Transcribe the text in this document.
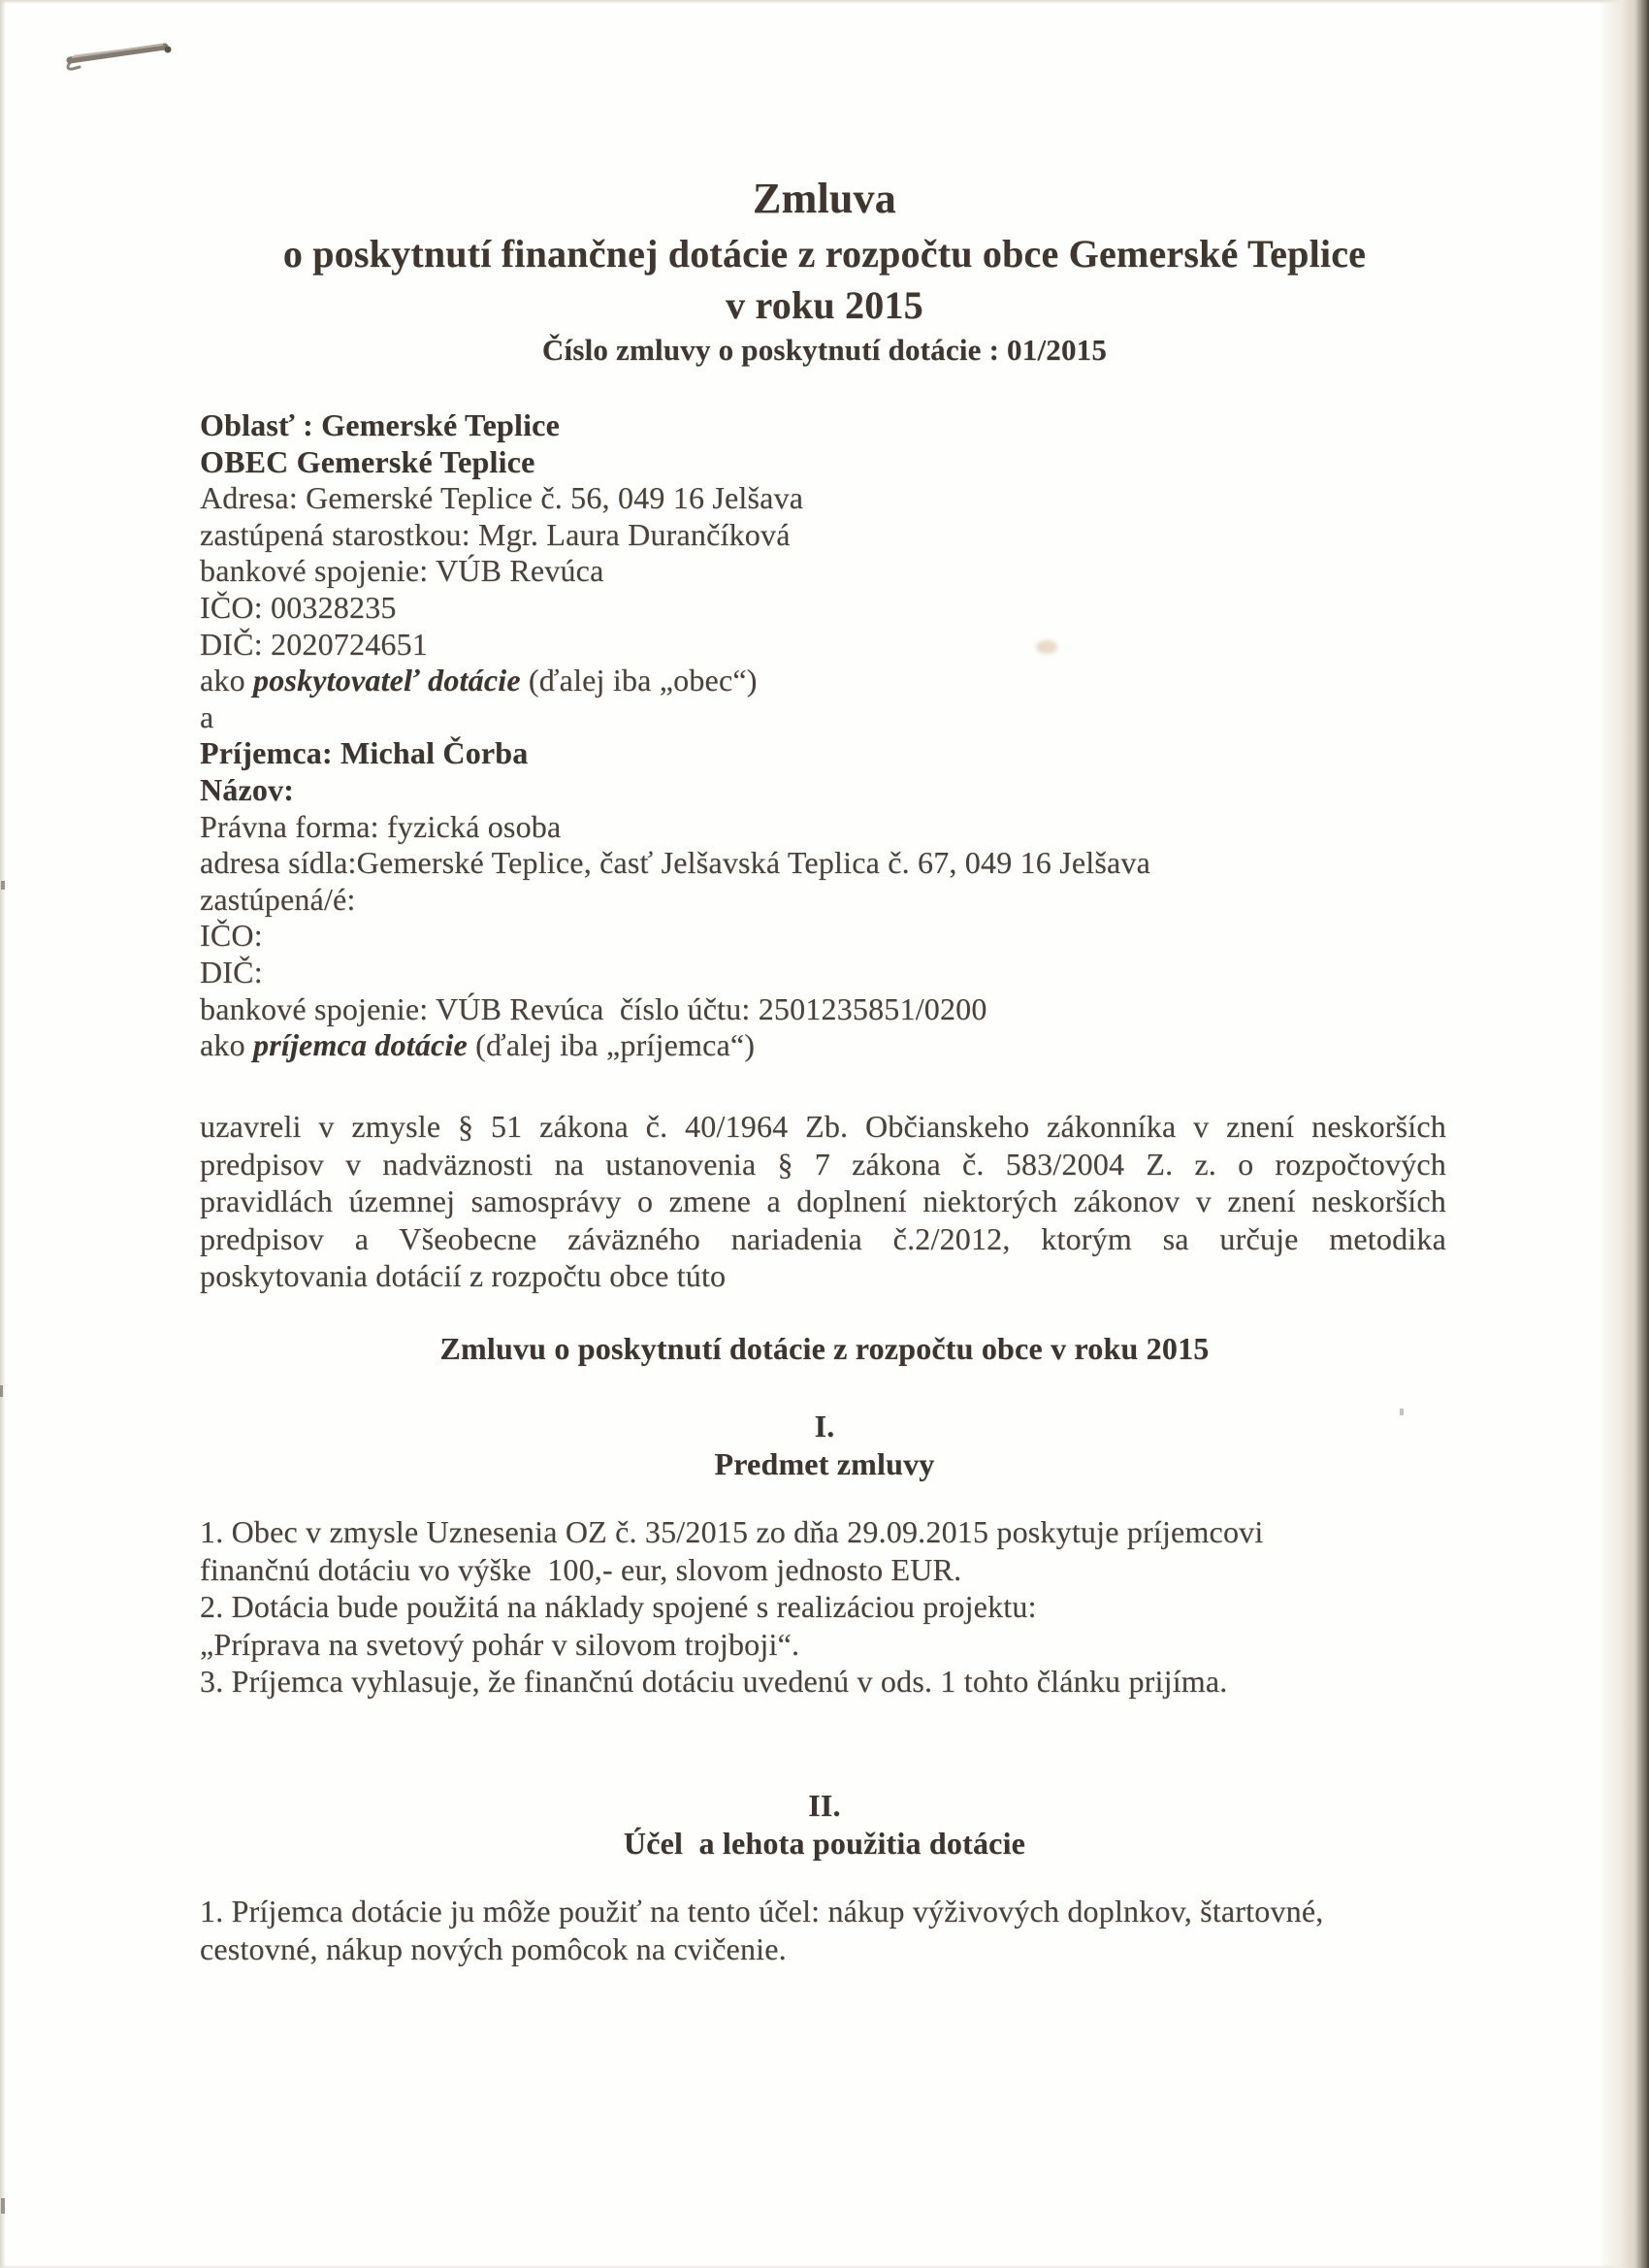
Zmluva
o poskytnutí finančnej dotácie z rozpočtu obce Gemerské Teplice
v roku 2015
Číslo zmluvy o poskytnutí dotácie : 01/2015
Oblasť : Gemerské Teplice
OBEC Gemerské Teplice
Adresa: Gemerské Teplice č. 56, 049 16 Jelšava
zastúpená starostkou: Mgr. Laura Durančíková
bankové spojenie: VÚB Revúca
IČO: 00328235
DIČ: 2020724651
ako poskytovateľ dotácie (ďalej iba „obec“)
a
Príjemca: Michal Čorba
Názov:
Právna forma: fyzická osoba
adresa sídla:Gemerské Teplice, časť Jelšavská Teplica č. 67, 049 16 Jelšava
zastúpená/é:
IČO:
DIČ:
bankové spojenie: VÚB Revúca  číslo účtu: 2501235851/0200
ako príjemca dotácie (ďalej iba „príjemca“)
uzavreli v zmysle § 51 zákona č. 40/1964 Zb. Občianskeho zákonníka v znení neskorších
predpisov v nadväznosti na ustanovenia § 7 zákona č. 583/2004 Z. z. o rozpočtových
pravidlách územnej samosprávy o zmene a doplnení niektorých zákonov v znení neskorších
predpisov a Všeobecne záväzného nariadenia č.2/2012, ktorým sa určuje metodika
poskytovania dotácií z rozpočtu obce túto
Zmluvu o poskytnutí dotácie z rozpočtu obce v roku 2015
I.
Predmet zmluvy
1. Obec v zmysle Uznesenia OZ č. 35/2015 zo dňa 29.09.2015 poskytuje príjemcovi
finančnú dotáciu vo výške  100,- eur, slovom jednosto EUR.
2. Dotácia bude použitá na náklady spojené s realizáciou projektu:
„Príprava na svetový pohár v silovom trojboji“.
3. Príjemca vyhlasuje, že finančnú dotáciu uvedenú v ods. 1 tohto článku prijíma.
II.
Účel  a lehota použitia dotácie
1. Príjemca dotácie ju môže použiť na tento účel: nákup výživových doplnkov, štartovné,
cestovné, nákup nových pomôcok na cvičenie.
